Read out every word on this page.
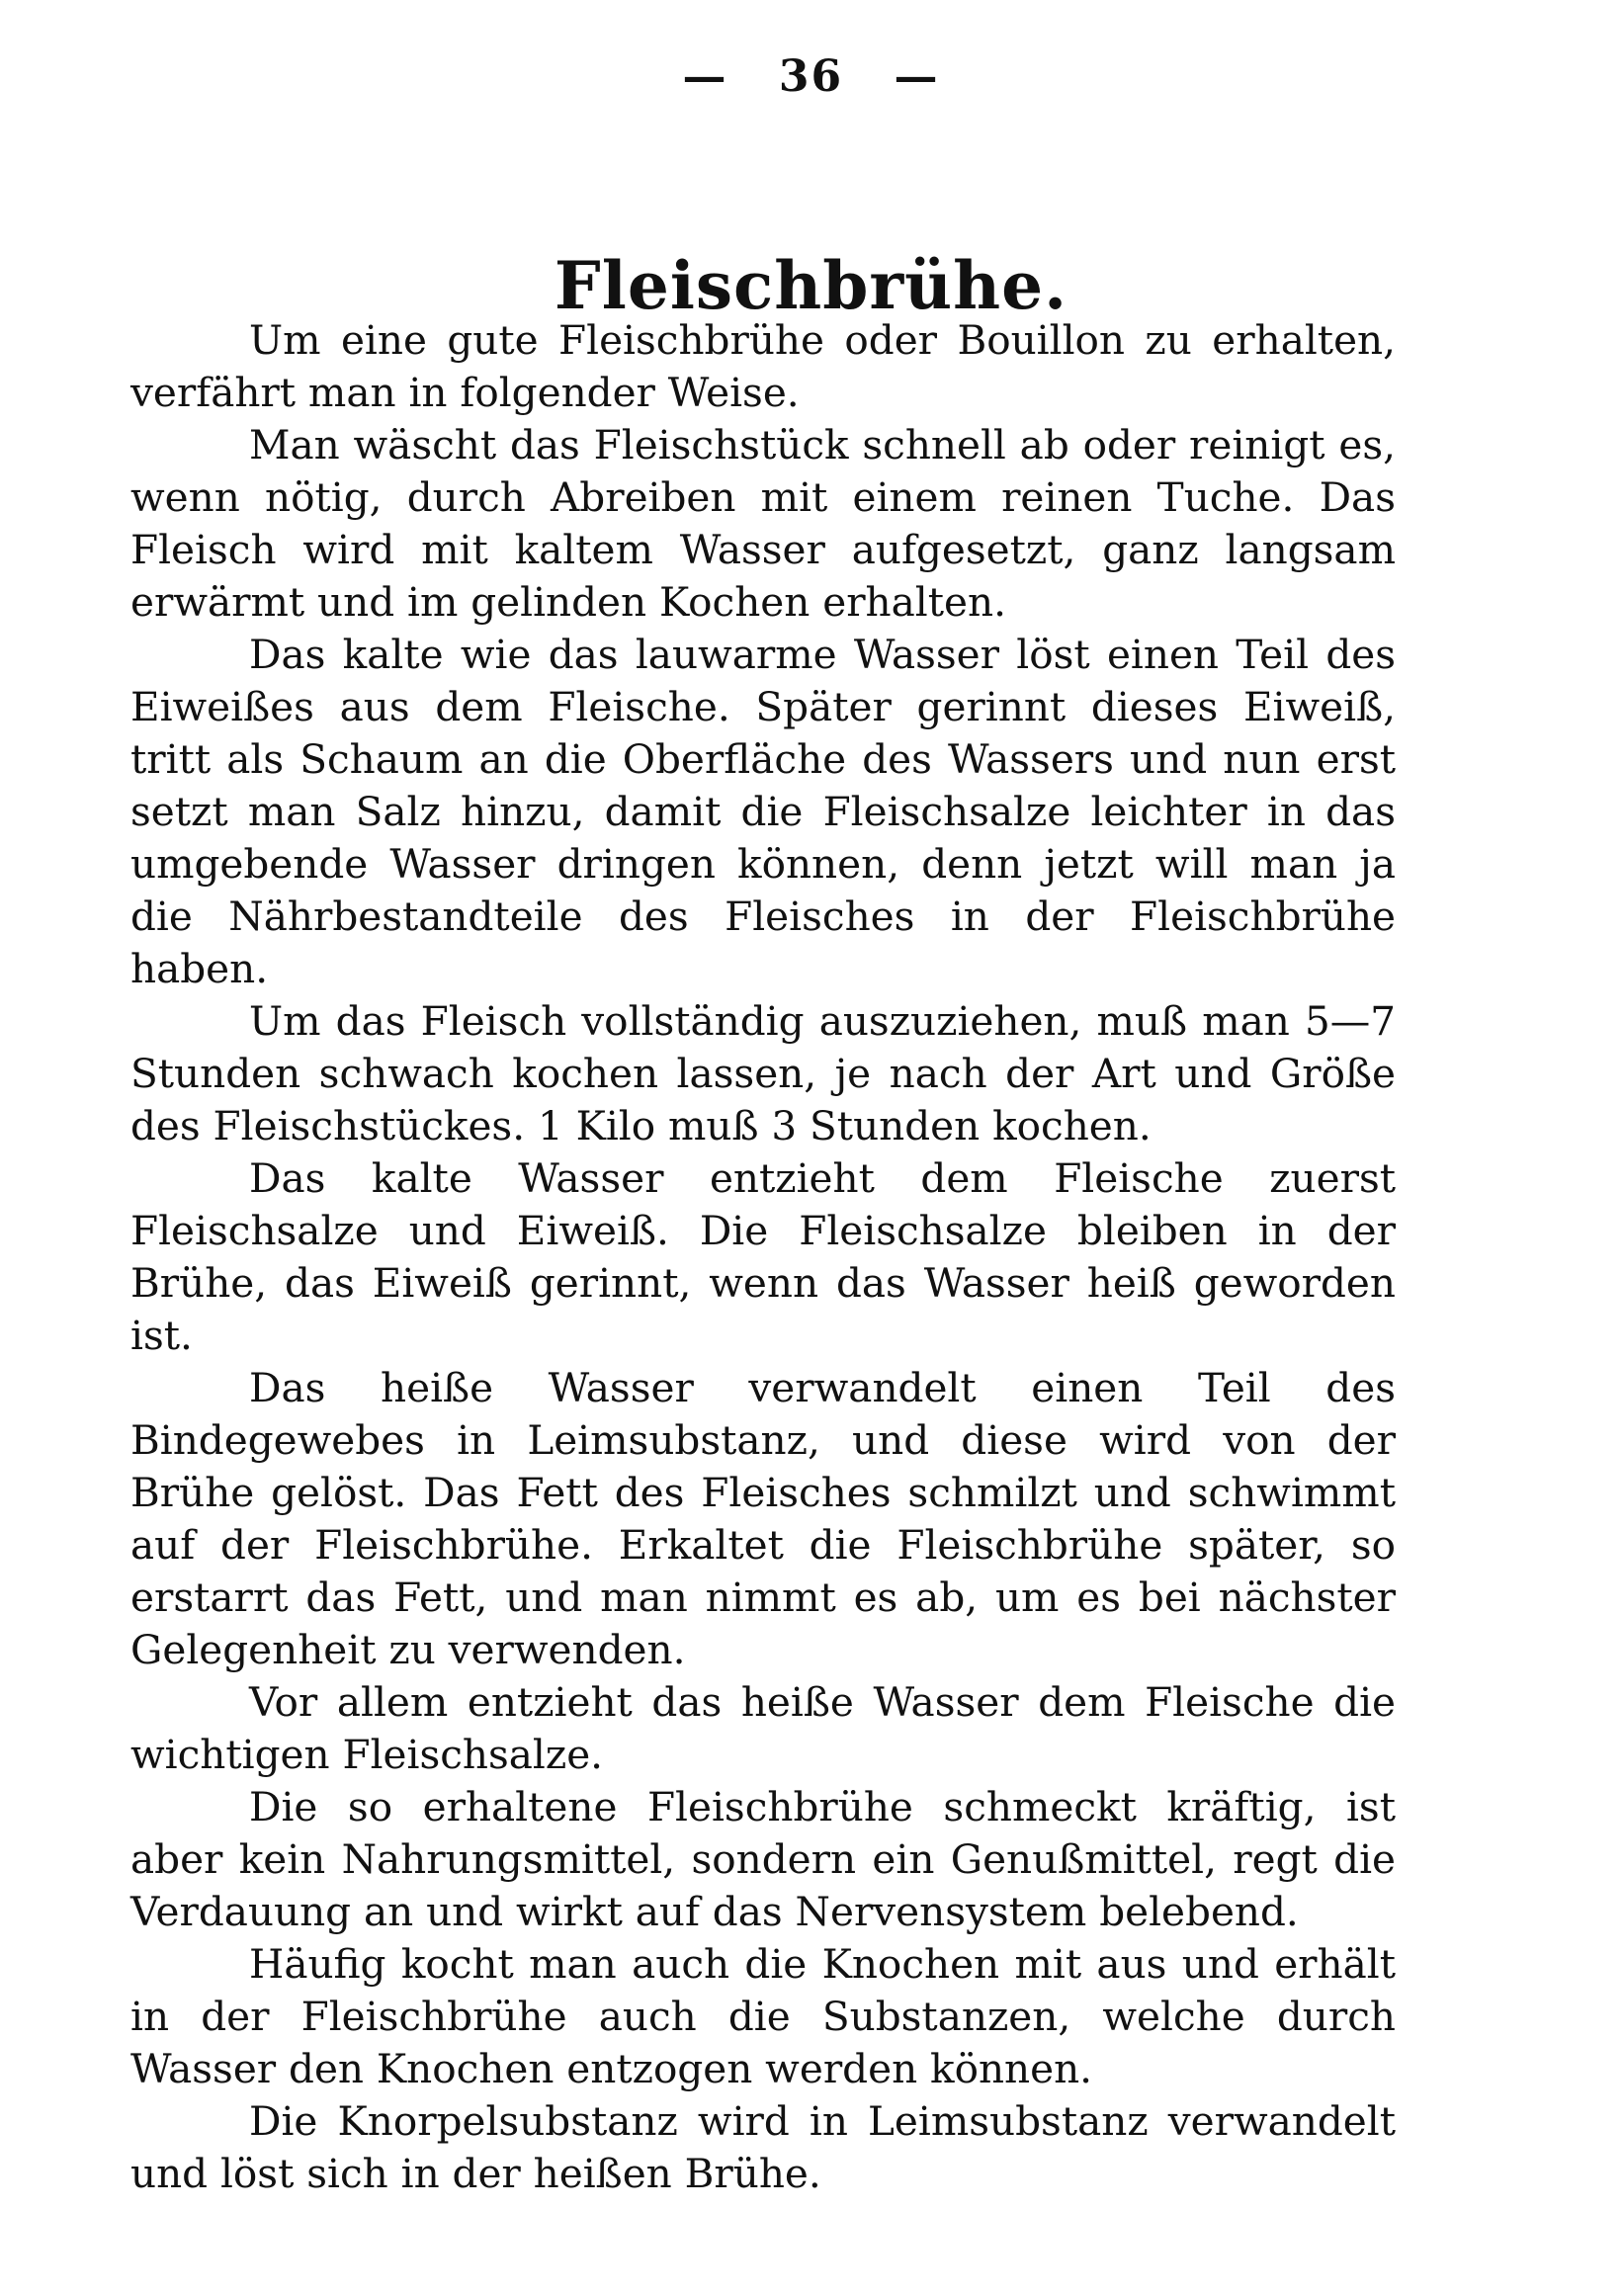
— 36 —
Fleischbrühe.

Um eine gute Fleischbrühe oder Bouillon zu erhalten, verfährt man in folgender Weise.

Man wäscht das Fleischstück schnell ab oder reinigt es, wenn nötig, durch Abreiben mit einem reinen Tuche. Das Fleisch wird mit kaltem Wasser aufgesetzt, ganz langsam erwärmt und im gelinden Kochen erhalten.

Das kalte wie das lauwarme Wasser löst einen Teil des Eiweißes aus dem Fleische. Später gerinnt dieses Eiweiß, tritt als Schaum an die Oberfläche des Wassers und nun erst setzt man Salz hinzu, damit die Fleischsalze leichter in das umgebende Wasser dringen können, denn jetzt will man ja die Nährbestandteile des Fleisches in der Fleischbrühe haben.

Um das Fleisch vollständig auszuziehen, muß man 5—7 Stunden schwach kochen lassen, je nach der Art und Größe des Fleischstückes. 1 Kilo muß 3 Stunden kochen.

Das kalte Wasser entzieht dem Fleische zuerst Fleischsalze und Eiweiß. Die Fleischsalze bleiben in der Brühe, das Eiweiß gerinnt, wenn das Wasser heiß geworden ist.

Das heiße Wasser verwandelt einen Teil des Bindegewebes in Leimsubstanz, und diese wird von der Brühe gelöst. Das Fett des Fleisches schmilzt und schwimmt auf der Fleischbrühe. Erkaltet die Fleischbrühe später, so erstarrt das Fett, und man nimmt es ab, um es bei nächster Gelegenheit zu verwenden.

Vor allem entzieht das heiße Wasser dem Fleische die wichtigen Fleischsalze.

Die so erhaltene Fleischbrühe schmeckt kräftig, ist aber kein Nahrungsmittel, sondern ein Genußmittel, regt die Verdauung an und wirkt auf das Nervensystem belebend.

Häufig kocht man auch die Knochen mit aus und erhält in der Fleischbrühe auch die Substanzen, welche durch Wasser den Knochen entzogen werden können.

Die Knorpelsubstanz wird in Leimsubstanz verwandelt und löst sich in der heißen Brühe.
